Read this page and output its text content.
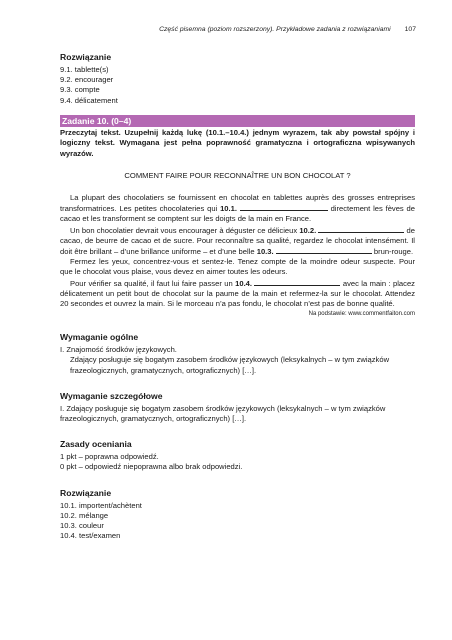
Część pisemna (poziom rozszerzony). Przykładowe zadania z rozwiązaniami 107
Rozwiązanie

9.1. tablette(s)

9.2. encourager

9.3. compte

9.4. délicatement

Zadanie 10. (0–4)
Przeczytaj tekst. Uzupełnij każdą lukę (10.1.–10.4.) jednym wyrazem, tak aby powstał spójny i logiczny tekst. Wymagana jest pełna poprawność gramatyczna i ortograficzna wpisywanych wyrazów.
COMMENT FAIRE POUR RECONNAÎTRE UN BON CHOCOLAT ?

La plupart des chocolatiers se fournissent en chocolat en tablettes auprès des grosses entreprises transformatrices. Les petites chocolateries qui 10.1.	directement les fèves de cacao et les transforment se comptent sur les doigts de la main en France.

Un bon chocolatier devrait vous encourager à déguster ce délicieux 10.2.	de cacao, de beurre de cacao et de sucre. Pour reconnaître sa qualité, regardez le chocolat intensément. Il doit être brillant – d’une brillance uniforme – et d’une belle 10.3.	brun-rouge.

Fermez les yeux, concentrez-vous et sentez-le. Tenez compte de la moindre odeur suspecte. Pour que le chocolat vous plaise, vous devez en aimer toutes les odeurs.

Pour vérifier sa qualité, il faut lui faire passer un 10.4.	avec la main : placez délicatement un petit bout de chocolat sur la paume de la main et refermez-la sur le chocolat. Attendez 20 secondes et ouvrez la main. Si le morceau n’a pas fondu, le chocolat n’est pas de bonne qualité.

Na podstawie: www.commentfaiton.com
Wymaganie ogólne

I. Znajomość środków językowych.

Zdający posługuje się bogatym zasobem środków językowych (leksykalnych – w tym związków frazeologicznych, gramatycznych, ortograficznych) […].

Wymaganie szczegółowe

I. Zdający posługuje się bogatym zasobem środków językowych (leksykalnych – w tym związków frazeologicznych, gramatycznych, ortograficznych) […].

Zasady oceniania

1 pkt – poprawna odpowiedź.

0 pkt – odpowiedź niepoprawna albo brak odpowiedzi.

Rozwiązanie

10.1. importent/achètent

10.2. mélange

10.3. couleur

10.4. test/examen
